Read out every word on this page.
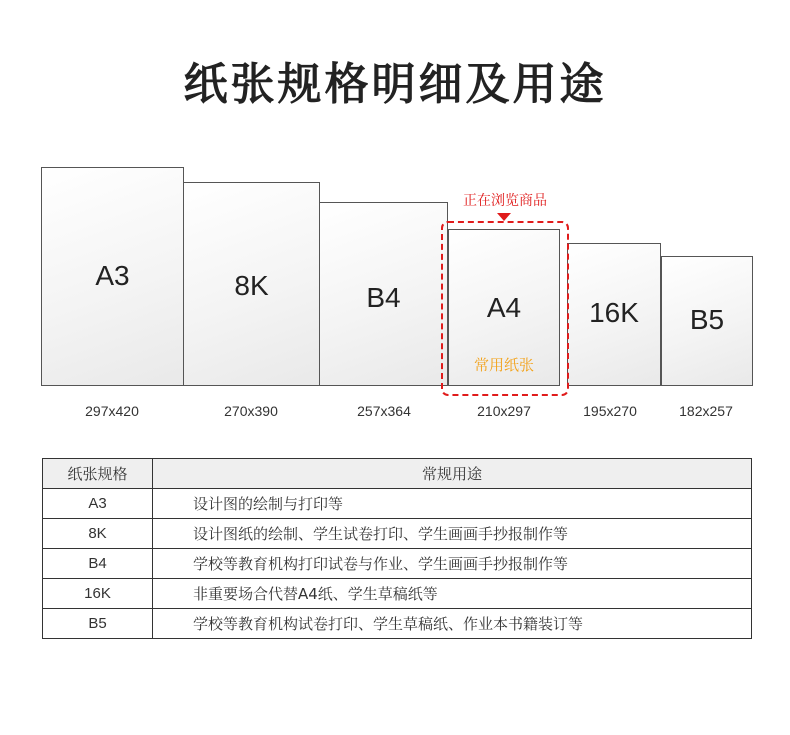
纸张规格明细及用途
A3	8K	B4	A4
常用纸张
16K	B5
正在浏览商品
297x420	270x390	257x364	210x297	195x270	182x257
纸张规格	常规用途
A3	设计图的绘制与打印等
8K	设计图纸的绘制、学生试卷打印、学生画画手抄报制作等
B4	学校等教育机构打印试卷与作业、学生画画手抄报制作等
16K	非重要场合代替A4纸、学生草稿纸等
B5	学校等教育机构试卷打印、学生草稿纸、作业本书籍装订等
